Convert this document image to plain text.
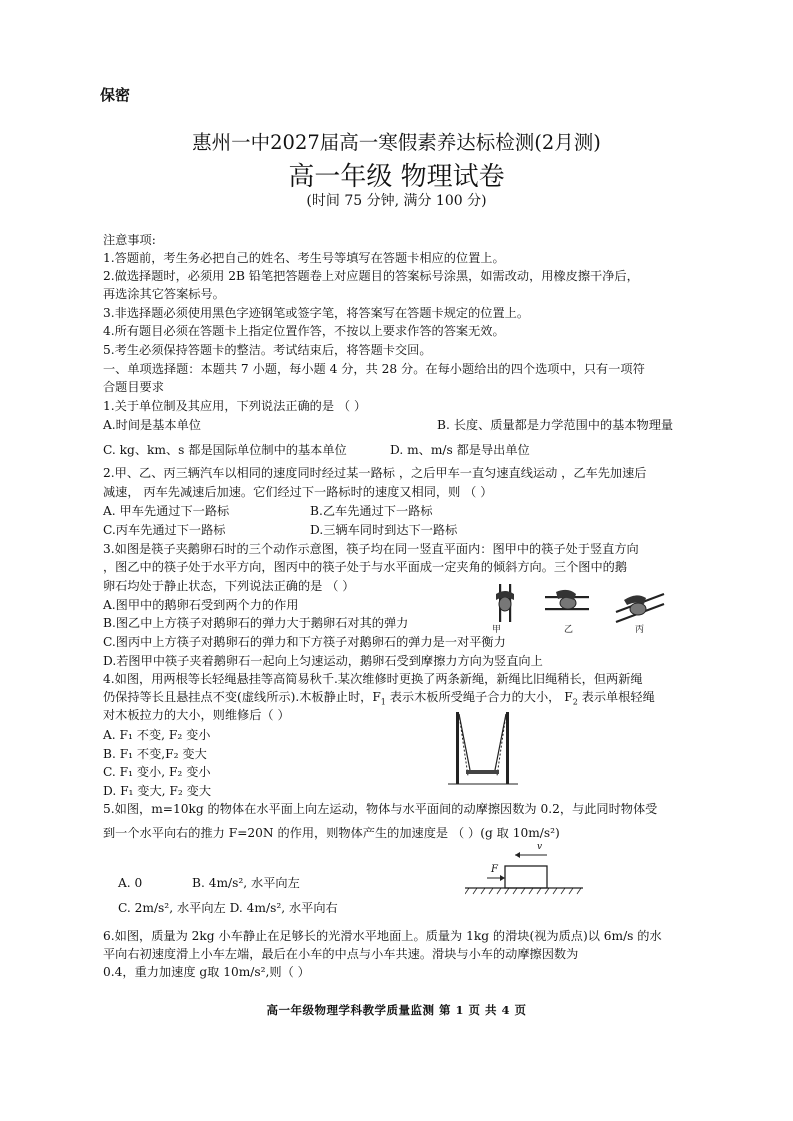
保密
惠州一中2027届高一寒假素养达标检测(2月测)
高一年级 物理试卷
(时间 75 分钟, 满分 100 分)
注意事项:
1.答题前，考生务必把自己的姓名、考生号等填写在答题卡相应的位置上。
2.做选择题时，必须用 2B 铅笔把答题卷上对应题目的答案标号涂黑，如需改动，用橡皮擦干净后，
再选涂其它答案标号。
3.非选择题必须使用黑色字迹钢笔或签字笔，将答案写在答题卡规定的位置上。
4.所有题目必须在答题卡上指定位置作答，不按以上要求作答的答案无效。
5.考生必须保持答题卡的整洁。考试结束后，将答题卡交回。
一、单项选择题：本题共 7 小题，每小题 4 分，共 28 分。在每小题给出的四个选项中，只有一项符
合题目要求
1.关于单位制及其应用，下列说法正确的是 （ ）
A.时间是基本单位	B. 长度、质量都是力学范围中的基本物理量
C. kg、km、s 都是国际单位制中的基本单位	D. m、m/s 都是导出单位
2.甲、乙、丙三辆汽车以相同的速度同时经过某一路标 ，之后甲车一直匀速直线运动 ，乙车先加速后
减速， 丙车先减速后加速。它们经过下一路标时的速度又相同，则 （ ）
A. 甲车先通过下一路标	B.乙车先通过下一路标
C.丙车先通过下一路标	D.三辆车同时到达下一路标
3.如图是筷子夹鹅卵石时的三个动作示意图，筷子均在同一竖直平面内：图甲中的筷子处于竖直方向
，图乙中的筷子处于水平方向，图丙中的筷子处于与水平面成一定夹角的倾斜方向。三个图中的鹅
卵石均处于静止状态，下列说法正确的是 （ ）
A.图甲中的鹅卵石受到两个力的作用
B.图乙中上方筷子对鹅卵石的弹力大于鹅卵石对其的弹力
C.图丙中上方筷子对鹅卵石的弹力和下方筷子对鹅卵石的弹力是一对平衡力
D.若图甲中筷子夹着鹅卵石一起向上匀速运动，鹅卵石受到摩擦力方向为竖直向上
甲	乙	丙
4.如图，用两根等长轻绳悬挂等高简易秋千.某次维修时更换了两条新绳，新绳比旧绳稍长，但两新绳
仍保持等长且悬挂点不变(虚线所示).木板静止时，$F_1$ 表示木板所受绳子合力的大小， $F_2$ 表示单根轻绳
对木板拉力的大小，则维修后（ ）
A. F₁ 不变, F₂ 变小
B. F₁ 不变,F₂ 变大
C. F₁ 变小, F₂ 变小
D. F₁ 变大, F₂ 变大
5.如图，m=10kg 的物体在水平面上向左运动，物体与水平面间的动摩擦因数为 0.2，与此同时物体受
到一个水平向右的推力 F=20N 的作用，则物体产生的加速度是 （ ）(g 取 10m/s²)
A. 0	B. 4m/s², 水平向左
C. 2m/s², 水平向左 D. 4m/s², 水平向右
v
F
6.如图，质量为 2kg 小车静止在足够长的光滑水平地面上。质量为 1kg 的滑块(视为质点)以 6m/s 的水
平向右初速度滑上小车左端，最后在小车的中点与小车共速。滑块与小车的动摩擦因数为
0.4，重力加速度 g取 10m/s²,则（ ）
高一年级物理学科教学质量监测 第 1 页 共 4 页
